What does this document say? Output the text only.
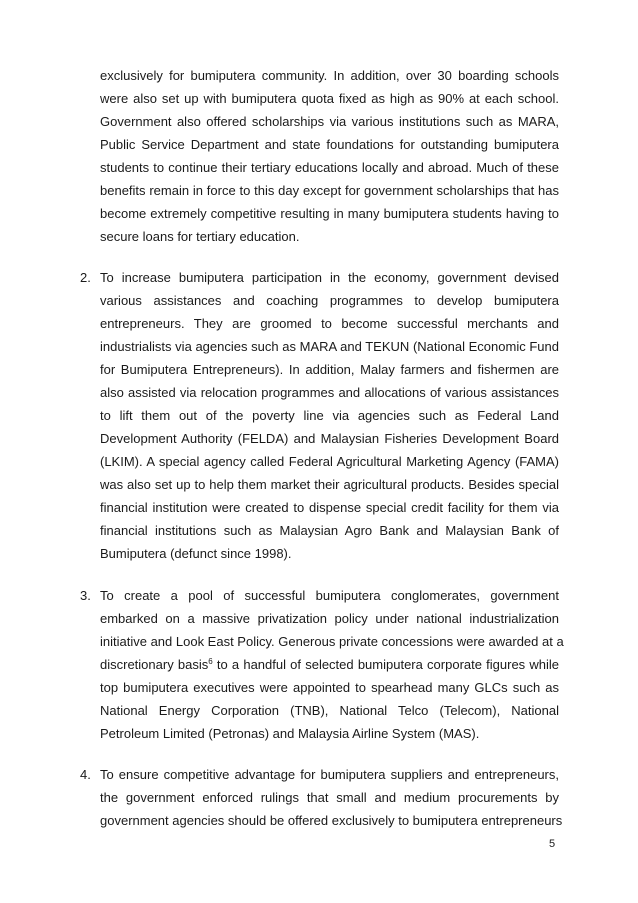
exclusively for bumiputera community. In addition, over 30 boarding schools
were also set up with bumiputera quota fixed as high as 90% at each school.
Government also offered scholarships via various institutions such as MARA,
Public Service Department and state foundations for outstanding bumiputera
students to continue their tertiary educations locally and abroad. Much of these
benefits remain in force to this day except for government scholarships that has
become extremely competitive resulting in many bumiputera students having to
secure loans for tertiary education.
2. To increase bumiputera participation in the economy, government devised
various assistances and coaching programmes to develop bumiputera
entrepreneurs. They are groomed to become successful merchants and
industrialists via agencies such as MARA and TEKUN (National Economic Fund
for Bumiputera Entrepreneurs). In addition, Malay farmers and fishermen are
also assisted via relocation programmes and allocations of various assistances
to lift them out of the poverty line via agencies such as Federal Land
Development Authority (FELDA) and Malaysian Fisheries Development Board
(LKIM). A special agency called Federal Agricultural Marketing Agency (FAMA)
was also set up to help them market their agricultural products. Besides special
financial institution were created to dispense special credit facility for them via
financial institutions such as Malaysian Agro Bank and Malaysian Bank of
Bumiputera (defunct since 1998).
3. To create a pool of successful bumiputera conglomerates, government
embarked on a massive privatization policy under national industrialization
initiative and Look East Policy. Generous private concessions were awarded at a
discretionary basis$^6$ to a handful of selected bumiputera corporate figures while
top bumiputera executives were appointed to spearhead many GLCs such as
National Energy Corporation (TNB), National Telco (Telecom), National
Petroleum Limited (Petronas) and Malaysia Airline System (MAS).
4. To ensure competitive advantage for bumiputera suppliers and entrepreneurs,
the government enforced rulings that small and medium procurements by
government agencies should be offered exclusively to bumiputera entrepreneurs
5
